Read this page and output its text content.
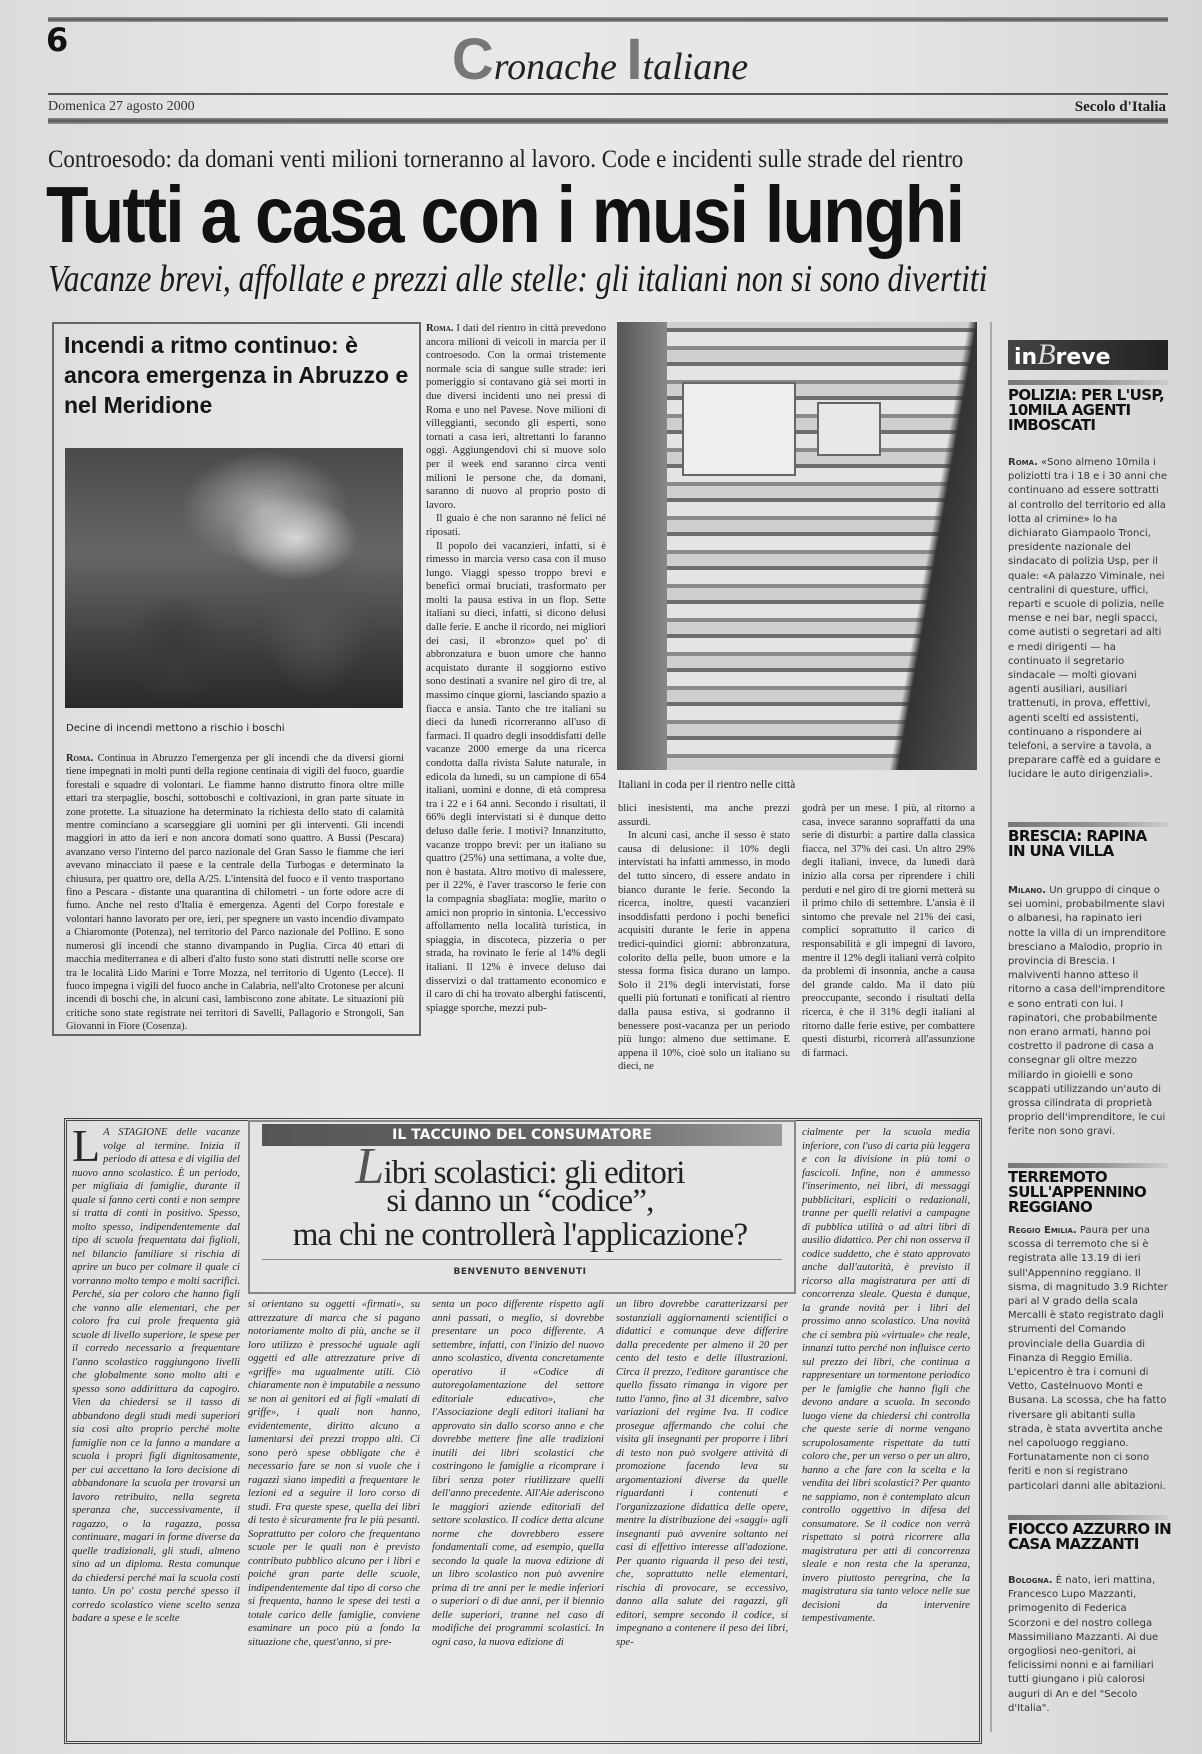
6	Cronache Italiane
Domenica 27 agosto 2000	Secolo d'Italia
Controesodo: da domani venti milioni torneranno al lavoro. Code e incidenti sulle strade del rientro
Tutti a casa con i musi lunghi
Vacanze brevi, affollate e prezzi alle stelle: gli italiani non si sono divertiti
Incendi a ritmo continuo: è ancora emergenza in Abruzzo e nel Meridione
Decine di incendi mettono a rischio i boschi

Roma. Continua in Abruzzo l'emergenza per gli incendi che da diversi giorni tiene impegnati in molti punti della regione centinaia di vigili del fuoco, guardie forestali e squadre di volontari. Le fiamme hanno distrutto finora oltre mille ettari tra sterpaglie, boschi, sottoboschi e coltivazioni, in gran parte situate in zone protette. La situazione ha determinato la richiesta dello stato di calamità mentre cominciano a scarseggiare gli uomini per gli interventi. Gli incendi maggiori in atto da ieri e non ancora domati sono quattro. A Bussi (Pescara) avanzano verso l'interno del parco nazionale del Gran Sasso le fiamme che ieri avevano minacciato il paese e la centrale della Turbogas e determinato la chiusura, per quattro ore, della A/25. L'intensità del fuoco e il vento trasportano fino a Pescara - distante una quarantina di chilometri - un forte odore acre di fumo. Anche nel resto d'Italia è emergenza. Agenti del Corpo forestale e volontari hanno lavorato per ore, ieri, per spegnere un vasto incendio divampato a Chiaromonte (Potenza), nel territorio del Parco nazionale del Pollino. E sono numerosi gli incendi che stanno divampando in Puglia. Circa 40 ettari di macchia mediterranea e di alberi d'alto fusto sono stati distrutti nelle scorse ore tra le località Lido Marini e Torre Mozza, nel territorio di Ugento (Lecce). Il fuoco impegna i vigili del fuoco anche in Calabria, nell'alto Crotonese per alcuni incendi di boschi che, in alcuni casi, lambiscono zone abitate. Le situazioni più critiche sono state registrate nei territori di Savelli, Pallagorio e Strongoli, San Giovanni in Fiore (Cosenza).

Roma. I dati del rientro in città prevedono ancora milioni di veicoli in marcia per il controesodo. Con la ormai tristemente normale scia di sangue sulle strade: ieri pomeriggio si contavano già sei morti in due diversi incidenti uno nei pressi di Roma e uno nel Pavese. Nove milioni di villeggianti, secondo gli esperti, sono tornati a casa ieri, altrettanti lo faranno oggi. Aggiungendovi chi si muove solo per il week end saranno circa venti milioni le persone che, da domani, saranno di nuovo al proprio posto di lavoro.

Il guaio è che non saranno né felici né riposati.

Il popolo dei vacanzieri, infatti, si è rimesso in marcia verso casa con il muso lungo. Viaggi spesso troppo brevi e benefici ormai bruciati, trasformato per molti la pausa estiva in un flop. Sette italiani su dieci, infatti, si dicono delusi dalle ferie. E anche il ricordo, nei migliori dei casi, il «bronzo» quel po' di abbronzatura e buon umore che hanno acquistato durante il soggiorno estivo sono destinati a svanire nel giro di tre, al massimo cinque giorni, lasciando spazio a fiacca e ansia. Tanto che tre italiani su dieci da lunedì ricorreranno all'uso di farmaci. Il quadro degli insoddisfatti delle vacanze 2000 emerge da una ricerca condotta dalla rivista Salute naturale, in edicola da lunedì, su un campione di 654 italiani, uomini e donne, di età compresa tra i 22 e i 64 anni. Secondo i risultati, il 66% degli intervistati si è dunque detto deluso dalle ferie. I motivi? Innanzitutto, vacanze troppo brevi: per un italiano su quattro (25%) una settimana, a volte due, non è bastata. Altro motivo di malessere, per il 22%, è l'aver trascorso le ferie con la compagnia sbagliata: moglie, marito o amici non proprio in sintonia. L'eccessivo affollamento nella località turistica, in spiaggia, in discoteca, pizzeria o per strada, ha rovinato le ferie al 14% degli italiani. Il 12% è invece deluso dai disservizi o dal trattamento economico e il caro di chi ha trovato alberghi fatiscenti, spiagge sporche, mezzi pub-

Italiani in coda per il rientro nelle città

blici inesistenti, ma anche prezzi assurdi.

In alcuni casi, anche il sesso è stato causa di delusione: il 10% degli intervistati ha infatti ammesso, in modo del tutto sincero, di essere andato in bianco durante le ferie. Secondo la ricerca, inoltre, questi vacanzieri insoddisfatti perdono i pochi benefici acquisiti durante le ferie in appena tredici-quindici giorni: abbronzatura, colorito della pelle, buon umore e la stessa forma fisica durano un lampo. Solo il 21% degli intervistati, forse quelli più fortunati e tonificati al rientro dalla pausa estiva, si godranno il benessere post-vacanza per un periodo più lungo: almeno due settimane. E appena il 10%, cioè solo un italiano su dieci, ne

godrà per un mese. I più, al ritorno a casa, invece saranno sopraffatti da una serie di disturbi: a partire dalla classica fiacca, nel 37% dei casi. Un altro 29% degli italiani, invece, da lunedì darà inizio alla corsa per riprendere i chili perduti e nel giro di tre giorni metterà su il primo chilo di settembre. L'ansia è il sintomo che prevale nel 21% dei casi, complici soprattutto il carico di responsabilità e gli impegni di lavoro, mentre il 12% degli italiani verrà colpito da problemi di insonnia, anche a causa del grande caldo. Ma il dato più preoccupante, secondo i risultati della ricerca, è che il 31% degli italiani al ritorno dalle ferie estive, per combattere questi disturbi, ricorrerà all'assunzione di farmaci.

inBreve
POLIZIA: PER L'USP, 10MILA AGENTI IMBOSCATI

Roma. «Sono almeno 10mila i poliziotti tra i 18 e i 30 anni che continuano ad essere sottratti al controllo del territorio ed alla lotta al crimine» lo ha dichiarato Giampaolo Tronci, presidente nazionale del sindacato di polizia Usp, per il quale: «A palazzo Viminale, nei centralini di questure, uffici, reparti e scuole di polizia, nelle mense e nei bar, negli spacci, come autisti o segretari ad alti e medi dirigenti — ha continuato il segretario sindacale — molti giovani agenti ausiliari, ausiliari trattenuti, in prova, effettivi, agenti scelti ed assistenti, continuano a rispondere ai telefoni, a servire a tavola, a preparare caffè ed a guidare e lucidare le auto dirigenziali».

BRESCIA: RAPINA IN UNA VILLA

Milano. Un gruppo di cinque o sei uomini, probabilmente slavi o albanesi, ha rapinato ieri notte la villa di un imprenditore bresciano a Malodio, proprio in provincia di Brescia. I malviventi hanno atteso il ritorno a casa dell'imprenditore e sono entrati con lui. I rapinatori, che probabilmente non erano armati, hanno poi costretto il padrone di casa a consegnar gli oltre mezzo miliardo in gioielli e sono scappati utilizzando un'auto di grossa cilindrata di proprietà proprio dell'imprenditore, le cui ferite non sono gravi.

TERREMOTO SULL'APPENNINO REGGIANO

Reggio Emilia. Paura per una scossa di terremoto che si è registrata alle 13.19 di ieri sull'Appennino reggiano. Il sisma, di magnitudo 3.9 Richter pari al V grado della scala Mercalli è stato registrato dagli strumenti del Comando provinciale della Guardia di Finanza di Reggio Emilia. L'epicentro è tra i comuni di Vetto, Castelnuovo Monti e Busana. La scossa, che ha fatto riversare gli abitanti sulla strada, è stata avvertita anche nel capoluogo reggiano. Fortunatamente non ci sono feriti e non si registrano particolari danni alle abitazioni.

FIOCCO AZZURRO IN CASA MAZZANTI

Bologna. È nato, ieri mattina, Francesco Lupo Mazzanti, primogenito di Federica Scorzoni e del nostro collega Massimiliano Mazzanti. Ai due orgogliosi neo-genitori, ai felicissimi nonni e ai familiari tutti giungano i più calorosi auguri di An e del "Secolo d'Italia".

L A STAGIONE delle vacanze volge al termine. Inizia il periodo di attesa e di vigilia del nuovo anno scolastico. È un periodo, per migliaia di famiglie, durante il quale si fanno certi conti e non sempre si tratta di conti in positivo. Spesso, molto spesso, indipendentemente dal tipo di scuola frequentata dai figlioli, nel bilancio familiare si rischia di aprire un buco per colmare il quale ci vorranno molto tempo e molti sacrifici. Perché, sia per coloro che hanno figli che vanno alle elementari, che per coloro fra cui prole frequenta già scuole di livello superiore, le spese per il corredo necessario a frequentare l'anno scolastico raggiungono livelli che globalmente sono molto alti e spesso sono addirittura da capogiro. Vien da chiedersi se il tasso di abbandono degli studi medi superiori sia così alto proprio perché molte famiglie non ce la fanno a mandare a scuola i propri figli dignitosamente, per cui accettano la loro decisione di abbandonare la scuola per trovarsi un lavoro retribuito, nella segreta speranza che, successivamente, il ragazzo, o la ragazza, possa continuare, magari in forme diverse da quelle tradizionali, gli studi, almeno sino ad un diploma. Resta comunque da chiedersi perché mai la scuola costi tanto. Un po' costa perché spesso il corredo scolastico viene scelto senza badare a spese e le scelte

IL TACCUINO DEL CONSUMATORE
Libri scolastici: gli editori
si danno un “codice”,
ma chi ne controllerà l'applicazione?
BENVENUTO BENVENUTI

si orientano su oggetti «firmati», su attrezzature di marca che si pagano notoriamente molto di più, anche se il loro utilizzo è pressoché uguale agli oggetti ed alle attrezzature prive di «griffe» ma ugualmente utili. Ciò chiaramente non è imputabile a nessuno se non ai genitori ed ai figli «malati di griffe», i quali non hanno, evidentemente, diritto alcuno a lamentarsi dei prezzi troppo alti. Ci sono però spese obbligate che è necessario fare se non si vuole che i ragazzi siano impediti a frequentare le lezioni ed a seguire il loro corso di studi. Fra queste spese, quella dei libri di testo è sicuramente fra le più pesanti. Soprattutto per coloro che frequentano scuole per le quali non è previsto contributo pubblico alcuno per i libri e poiché gran parte delle scuole, indipendentemente dal tipo di corso che si frequenta, hanno le spese dei testi a totale carico delle famiglie, conviene esaminare un poco più a fondo la situazione che, quest'anno, si pre-

senta un poco differente rispetto agli anni passati, o meglio, si dovrebbe presentare un poco differente. A settembre, infatti, con l'inizio del nuovo anno scolastico, diventa concretamente operativo il «Codice di autoregolamentazione del settore editoriale educativo», che l'Associazione degli editori italiani ha approvato sin dallo scorso anno e che dovrebbe mettere fine alle tradizioni inutili dei libri scolastici che costringono le famiglie a ricomprare i libri senza poter riutilizzare quelli dell'anno precedente. All'Aie aderiscono le maggiori aziende editoriali del settore scolastico. Il codice detta alcune norme che dovrebbero essere fondamentali come, ad esempio, quella secondo la quale la nuova edizione di un libro scolastico non può avvenire prima di tre anni per le medie inferiori o superiori o di due anni, per il biennio delle superiori, tranne nel caso di modifiche dei programmi scolastici. In ogni caso, la nuova edizione di

un libro dovrebbe caratterizzarsi per sostanziali aggiornamenti scientifici o didattici e comunque deve differire dalla precedente per almeno il 20 per cento del testo e delle illustrazioni. Circa il prezzo, l'editore garantisce che quello fissato rimanga in vigore per tutto l'anno, fino al 31 dicembre, salvo variazioni del regime Iva. Il codice prosegue affermando che colui che visita gli insegnanti per proporre i libri di testo non può svolgere attività di promozione facendo leva su argomentazioni diverse da quelle riguardanti i contenuti e l'organizzazione didattica delle opere, mentre la distribuzione dei «saggi» agli insegnanti può avvenire soltanto nei casi di effettivo interesse all'adozione. Per quanto riguarda il peso dei testi, che, soprattutto nelle elementari, rischia di provocare, se eccessivo, danno alla salute dei ragazzi, gli editori, sempre secondo il codice, si impegnano a contenere il peso dei libri, spe-

cialmente per la scuola media inferiore, con l'uso di carta più leggera e con la divisione in più tomi o fascicoli. Infine, non è ammesso l'inserimento, nei libri, di messaggi pubblicitari, espliciti o redazionali, tranne per quelli relativi a campagne di pubblica utilità o ad altri libri di ausilio didattico. Per chi non osserva il codice suddetto, che è stato approvato anche dall'autorità, è previsto il ricorso alla magistratura per atti di concorrenza sleale. Questa è dunque, la grande novità per i libri del prossimo anno scolastico. Una novità che ci sembra più «virtuale» che reale, innanzi tutto perché non influisce certo sul prezzo dei libri, che continua a rappresentare un tormentone periodico per le famiglie che hanno figli che devono andare a scuola. In secondo luogo viene da chiedersi chi controlla che queste serie di norme vengano scrupolosamente rispettate da tutti coloro che, per un verso o per un altro, hanno a che fare con la scelta e la vendita dei libri scolastici? Per quanto ne sappiamo, non è contemplato alcun controllo oggettivo in difesa del consumatore. Se il codice non verrà rispettato si potrà ricorrere alla magistratura per atti di concorrenza sleale e non resta che la speranza, invero piuttosto peregrina, che la magistratura sia tanto veloce nelle sue decisioni da intervenire tempestivamente.
